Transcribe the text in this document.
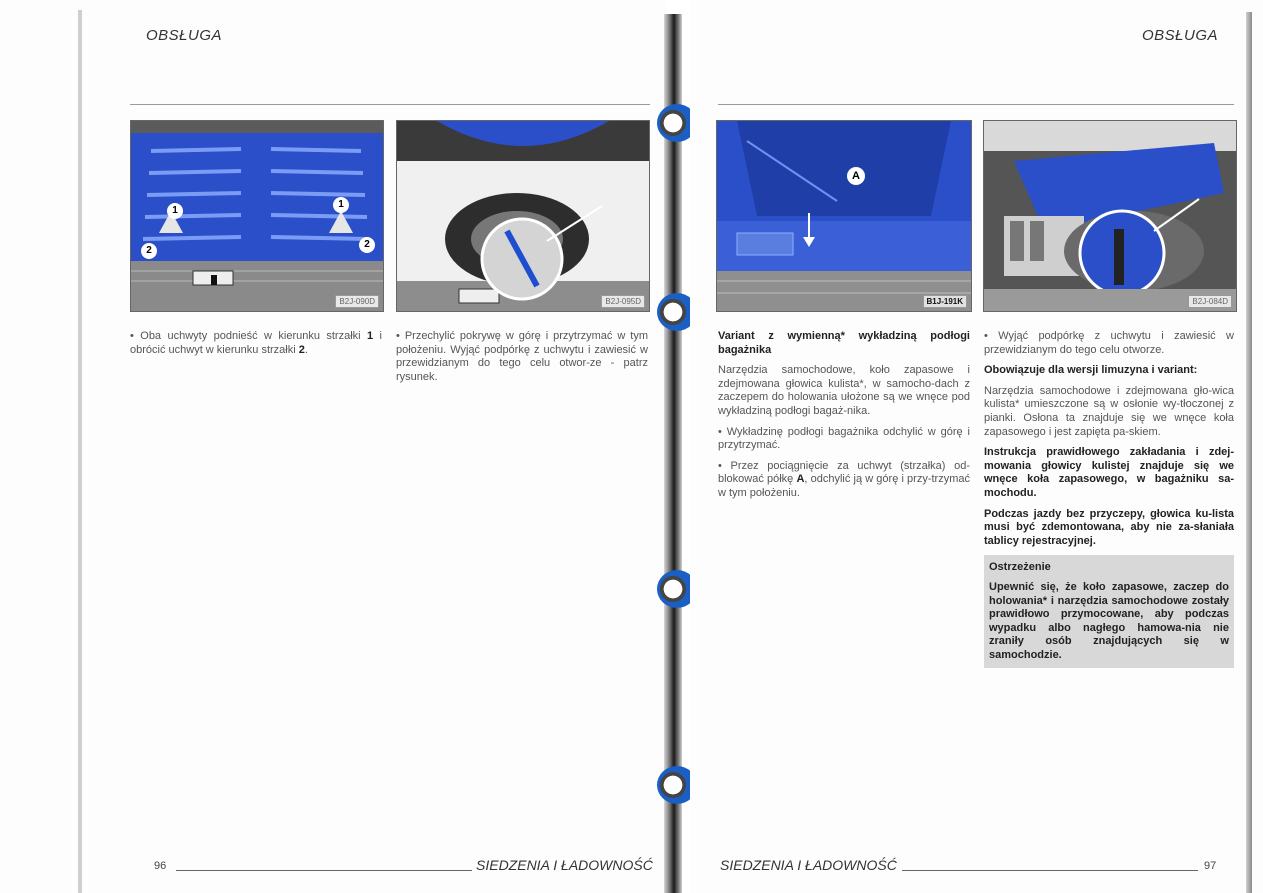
OBSŁUGA
1
1
2
2
B2J-090D	B2J-095D

• Oba uchwyty podnieść w kierunku strzałki 1 i obrócić uchwyt w kierunku strzałki 2.

• Przechylić pokrywę w górę i przytrzymać w tym położeniu. Wyjąć podpórkę z uchwytu i zawiesić w przewidzianym do tego celu otwor-ze - patrz rysunek.

96	SIEDZENIA I ŁADOWNOŚĆ
OBSŁUGA
A
B1J-191K	B2J-084D

Variant z wymienną* wykładziną podłogi bagażnika

Narzędzia samochodowe, koło zapasowe i zdejmowana głowica kulista*, w samocho-dach z zaczepem do holowania ułożone są we wnęce pod wykładziną podłogi bagaż-nika.

• Wykładzinę podłogi bagażnika odchylić w górę i przytrzymać.

• Przez pociągnięcie za uchwyt (strzałka) od-blokować półkę A, odchylić ją w górę i przy-trzymać w tym położeniu.

• Wyjąć podpórkę z uchwytu i zawiesić w przewidzianym do tego celu otworze.

Obowiązuje dla wersji limuzyna i variant:

Narzędzia samochodowe i zdejmowana gło-wica kulista* umieszczone są w osłonie wy-tłoczonej z pianki. Osłona ta znajduje się we wnęce koła zapasowego i jest zapięta pa-skiem.

Instrukcja prawidłowego zakładania i zdej-mowania głowicy kulistej znajduje się we wnęce koła zapasowego, w bagażniku sa-mochodu.

Podczas jazdy bez przyczepy, głowica ku-lista musi być zdemontowana, aby nie za-słaniała tablicy rejestracyjnej.

Ostrzeżenie
Upewnić się, że koło zapasowe, zaczep do holowania* i narzędzia samochodowe zostały prawidłowo przymocowane, aby podczas wypadku albo nagłego hamowa-nia nie zraniły osób znajdujących się w samochodzie.
SIEDZENIA I ŁADOWNOŚĆ	97
